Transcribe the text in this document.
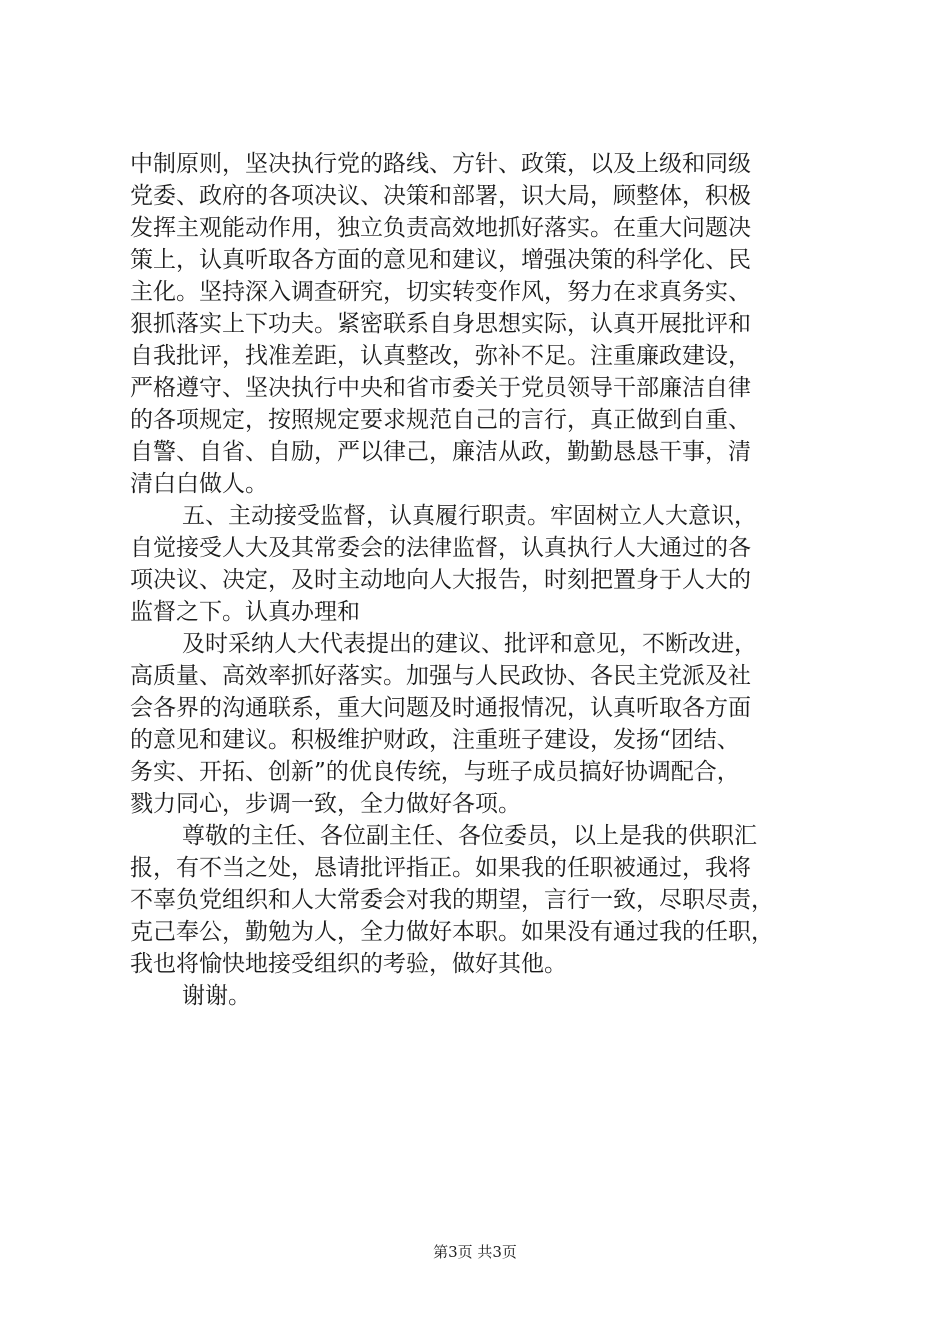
中制原则，坚决执行党的路线、方针、政策，以及上级和同级
党委、政府的各项决议、决策和部署，识大局，顾整体，积极
发挥主观能动作用，独立负责高效地抓好落实。在重大问题决
策上，认真听取各方面的意见和建议，增强决策的科学化、民
主化。坚持深入调查研究，切实转变作风，努力在求真务实、
狠抓落实上下功夫。紧密联系自身思想实际，认真开展批评和
自我批评，找准差距，认真整改，弥补不足。注重廉政建设，
严格遵守、坚决执行中央和省市委关于党员领导干部廉洁自律
的各项规定，按照规定要求规范自己的言行，真正做到自重、
自警、自省、自励，严以律己，廉洁从政，勤勤恳恳干事，清
清白白做人。
五、主动接受监督，认真履行职责。牢固树立人大意识，
自觉接受人大及其常委会的法律监督，认真执行人大通过的各
项决议、决定，及时主动地向人大报告，时刻把置身于人大的
监督之下。认真办理和
及时采纳人大代表提出的建议、批评和意见，不断改进，
高质量、高效率抓好落实。加强与人民政协、各民主党派及社
会各界的沟通联系，重大问题及时通报情况，认真听取各方面
的意见和建议。积极维护财政，注重班子建设，发扬“团结、
务实、开拓、创新”的优良传统，与班子成员搞好协调配合，
戮力同心，步调一致，全力做好各项。
尊敬的主任、各位副主任、各位委员，以上是我的供职汇
报，有不当之处，恳请批评指正。如果我的任职被通过，我将
不辜负党组织和人大常委会对我的期望，言行一致，尽职尽责，
克己奉公，勤勉为人，全力做好本职。如果没有通过我的任职，
我也将愉快地接受组织的考验，做好其他。
谢谢。
第3页 共3页
